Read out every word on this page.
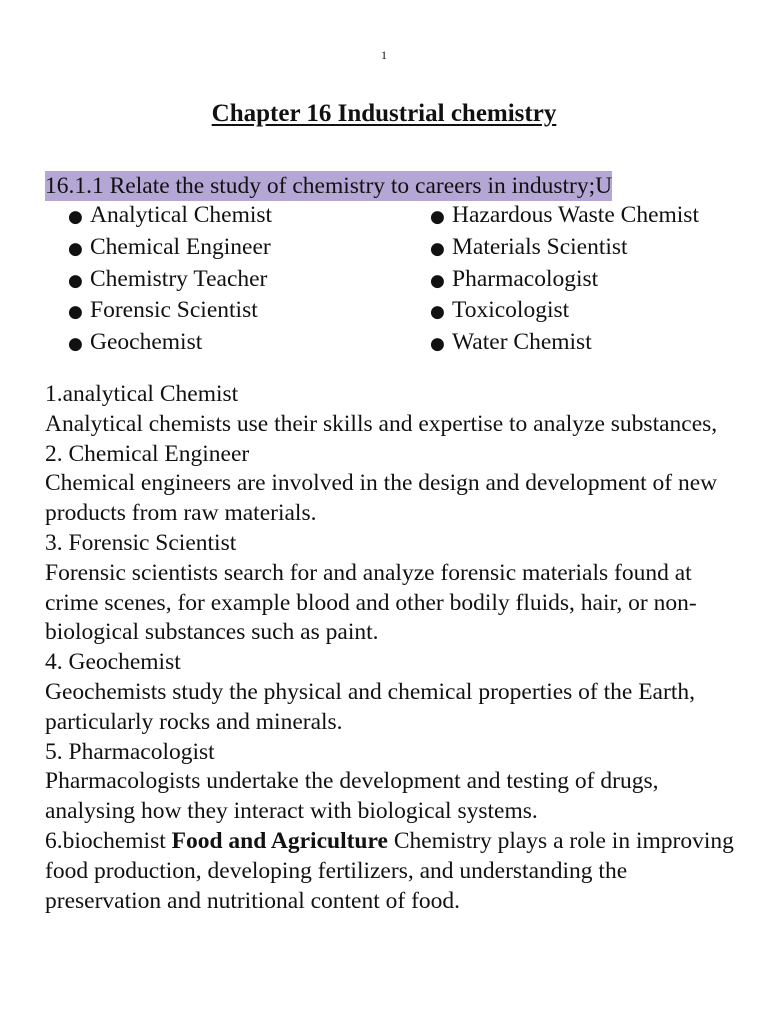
1
Chapter 16 Industrial chemistry
16.1.1 Relate the study of chemistry to careers in industry;U
● Analytical Chemist
● Chemical Engineer
● Chemistry Teacher
● Forensic Scientist
● Geochemist
● Hazardous Waste Chemist
● Materials Scientist
● Pharmacologist
● Toxicologist
● Water Chemist

1.analytical Chemist

Analytical chemists use their skills and expertise to analyze substances,

2. Chemical Engineer

Chemical engineers are involved in the design and development of new products from raw materials.

3. Forensic Scientist

Forensic scientists search for and analyze forensic materials found at crime scenes, for example blood and other bodily fluids, hair, or non-biological substances such as paint.

4. Geochemist

Geochemists study the physical and chemical properties of the Earth, particularly rocks and minerals.

5. Pharmacologist

Pharmacologists undertake the development and testing of drugs, analysing how they interact with biological systems.

6.biochemist Food and Agriculture Chemistry plays a role in improving food production, developing fertilizers, and understanding the preservation and nutritional content of food.
